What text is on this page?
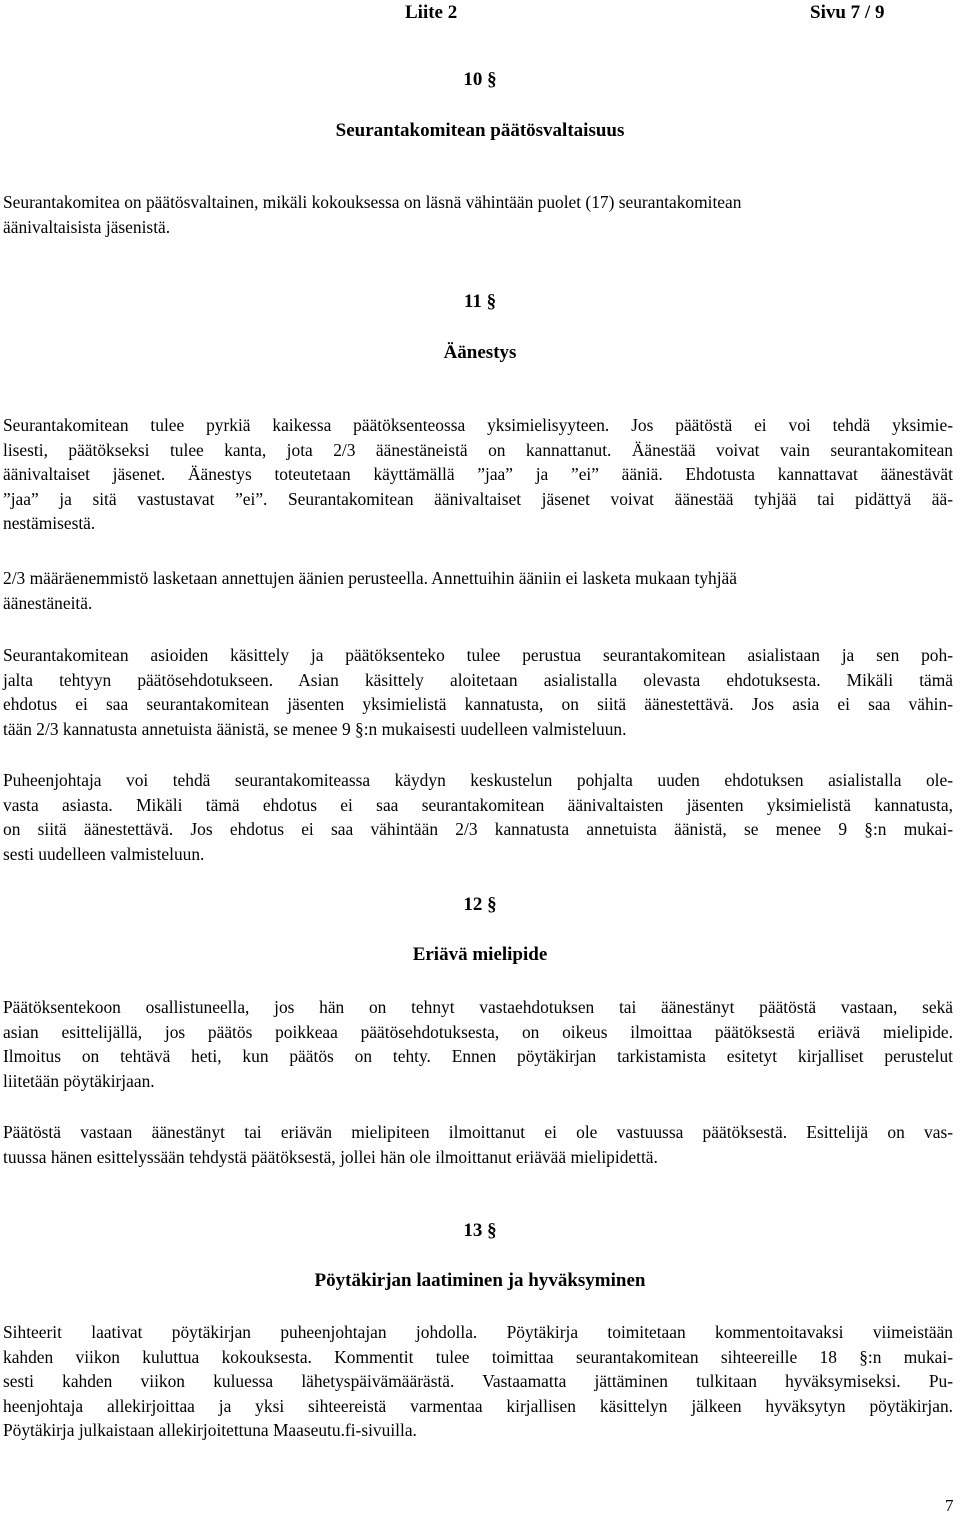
Liite 2	Sivu 7 / 9
10 §
Seurantakomitean päätösvaltaisuus

Seurantakomitea on päätösvaltainen, mikäli kokouksessa on läsnä vähintään puolet (17) seurantakomitean
äänivaltaisista jäsenistä.

11 §
Äänestys

Seurantakomitean tulee pyrkiä kaikessa päätöksenteossa yksimielisyyteen. Jos päätöstä ei voi tehdä yksimie-
lisesti, päätökseksi tulee kanta, jota 2/3 äänestäneistä on kannattanut. Äänestää voivat vain seurantakomitean
äänivaltaiset jäsenet. Äänestys toteutetaan käyttämällä ”jaa” ja ”ei” ääniä. Ehdotusta kannattavat äänestävät
”jaa” ja sitä vastustavat ”ei”. Seurantakomitean äänivaltaiset jäsenet voivat äänestää tyhjää tai pidättyä ää-
nestämisestä.

2/3 määräenemmistö lasketaan annettujen äänien perusteella. Annettuihin ääniin ei lasketa mukaan tyhjää
äänestäneitä.

Seurantakomitean asioiden käsittely ja päätöksenteko tulee perustua seurantakomitean asialistaan ja sen poh-
jalta tehtyyn päätösehdotukseen. Asian käsittely aloitetaan asialistalla olevasta ehdotuksesta. Mikäli tämä
ehdotus ei saa seurantakomitean jäsenten yksimielistä kannatusta, on siitä äänestettävä. Jos asia ei saa vähin-
tään 2/3 kannatusta annetuista äänistä, se menee 9 §:n mukaisesti uudelleen valmisteluun.

Puheenjohtaja voi tehdä seurantakomiteassa käydyn keskustelun pohjalta uuden ehdotuksen asialistalla ole-
vasta asiasta. Mikäli tämä ehdotus ei saa seurantakomitean äänivaltaisten jäsenten yksimielistä kannatusta,
on siitä äänestettävä. Jos ehdotus ei saa vähintään 2/3 kannatusta annetuista äänistä, se menee 9 §:n mukai-
sesti uudelleen valmisteluun.

12 §
Eriävä mielipide

Päätöksentekoon osallistuneella, jos hän on tehnyt vastaehdotuksen tai äänestänyt päätöstä vastaan, sekä
asian esittelijällä, jos päätös poikkeaa päätösehdotuksesta, on oikeus ilmoittaa päätöksestä eriävä mielipide.
Ilmoitus on tehtävä heti, kun päätös on tehty. Ennen pöytäkirjan tarkistamista esitetyt kirjalliset perustelut
liitetään pöytäkirjaan.

Päätöstä vastaan äänestänyt tai eriävän mielipiteen ilmoittanut ei ole vastuussa päätöksestä. Esittelijä on vas-
tuussa hänen esittelyssään tehdystä päätöksestä, jollei hän ole ilmoittanut eriävää mielipidettä.

13 §
Pöytäkirjan laatiminen ja hyväksyminen

Sihteerit laativat pöytäkirjan puheenjohtajan johdolla. Pöytäkirja toimitetaan kommentoitavaksi viimeistään
kahden viikon kuluttua kokouksesta. Kommentit tulee toimittaa seurantakomitean sihteereille 18 §:n mukai-
sesti kahden viikon kuluessa lähetyspäivämäärästä. Vastaamatta jättäminen tulkitaan hyväksymiseksi. Pu-
heenjohtaja allekirjoittaa ja yksi sihteereistä varmentaa kirjallisen käsittelyn jälkeen hyväksytyn pöytäkirjan.
Pöytäkirja julkaistaan allekirjoitettuna Maaseutu.fi-sivuilla.

7
